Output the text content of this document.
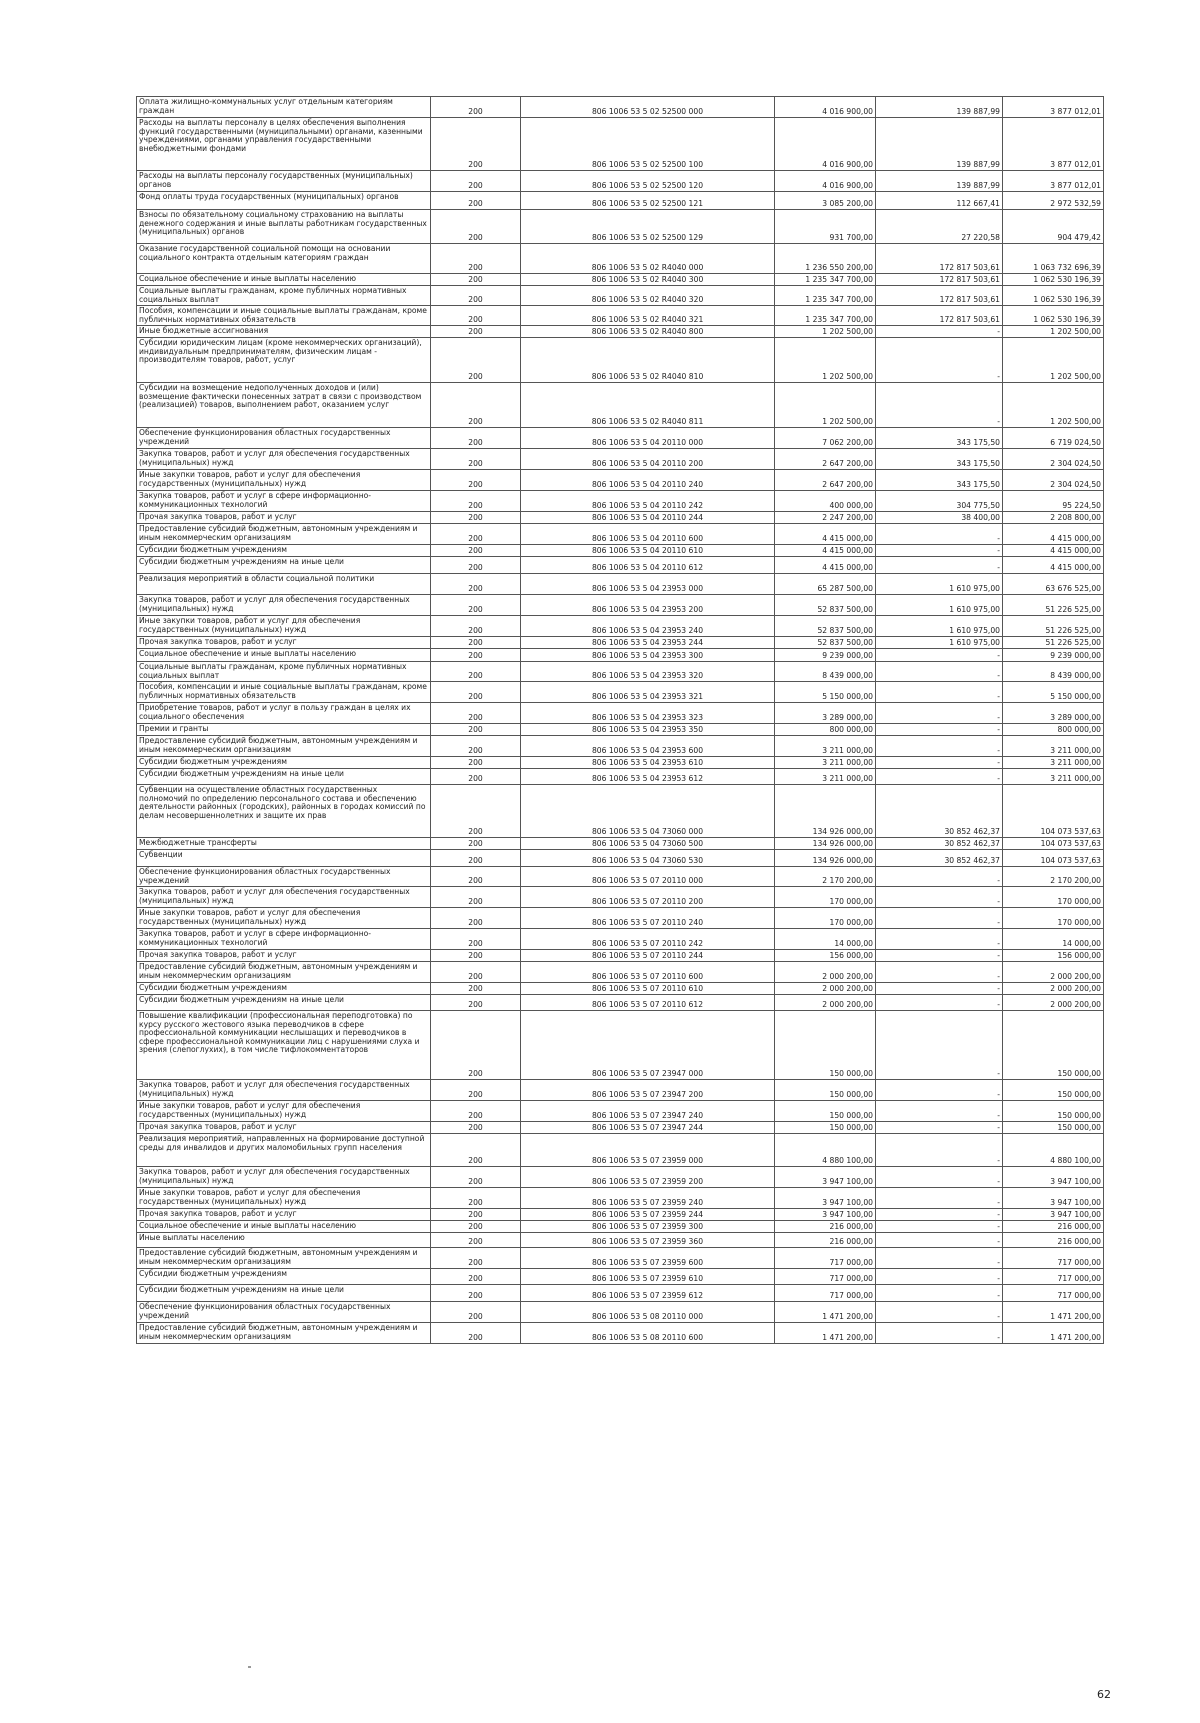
Оплата жилищно-коммунальных услуг отдельным категориям граждан	200	806 1006 53 5 02 52500 000	4 016 900,00	139 887,99	3 877 012,01
Расходы на выплаты персоналу в целях обеспечения выполнения функций государственными (муниципальными) органами, казенными учреждениями, органами управления государственными внебюджетными фондами	200	806 1006 53 5 02 52500 100	4 016 900,00	139 887,99	3 877 012,01
Расходы на выплаты персоналу государственных (муниципальных) органов	200	806 1006 53 5 02 52500 120	4 016 900,00	139 887,99	3 877 012,01
Фонд оплаты труда государственных (муниципальных) органов	200	806 1006 53 5 02 52500 121	3 085 200,00	112 667,41	2 972 532,59
Взносы по обязательному социальному страхованию на выплаты денежного содержания и иные выплаты работникам государственных (муниципальных) органов	200	806 1006 53 5 02 52500 129	931 700,00	27 220,58	904 479,42
Оказание государственной социальной помощи на основании социального контракта отдельным категориям граждан	200	806 1006 53 5 02 R4040 000	1 236 550 200,00	172 817 503,61	1 063 732 696,39
Социальное обеспечение и иные выплаты населению	200	806 1006 53 5 02 R4040 300	1 235 347 700,00	172 817 503,61	1 062 530 196,39
Социальные выплаты гражданам, кроме публичных нормативных социальных выплат	200	806 1006 53 5 02 R4040 320	1 235 347 700,00	172 817 503,61	1 062 530 196,39
Пособия, компенсации и иные социальные выплаты гражданам, кроме публичных нормативных обязательств	200	806 1006 53 5 02 R4040 321	1 235 347 700,00	172 817 503,61	1 062 530 196,39
Иные бюджетные ассигнования	200	806 1006 53 5 02 R4040 800	1 202 500,00	-	1 202 500,00
Субсидии юридическим лицам (кроме некоммерческих организаций), индивидуальным предпринимателям, физическим лицам - производителям товаров, работ, услуг	200	806 1006 53 5 02 R4040 810	1 202 500,00	-	1 202 500,00
Субсидии на возмещение недополученных доходов и (или) возмещение фактически понесенных затрат в связи с производством (реализацией) товаров, выполнением работ, оказанием услуг	200	806 1006 53 5 02 R4040 811	1 202 500,00	-	1 202 500,00
Обеспечение функционирования областных государственных учреждений	200	806 1006 53 5 04 20110 000	7 062 200,00	343 175,50	6 719 024,50
Закупка товаров, работ и услуг для обеспечения государственных (муниципальных) нужд	200	806 1006 53 5 04 20110 200	2 647 200,00	343 175,50	2 304 024,50
Иные закупки товаров, работ и услуг для обеспечения государственных (муниципальных) нужд	200	806 1006 53 5 04 20110 240	2 647 200,00	343 175,50	2 304 024,50
Закупка товаров, работ и услуг в сфере информационно-коммуникационных технологий	200	806 1006 53 5 04 20110 242	400 000,00	304 775,50	95 224,50
Прочая закупка товаров, работ и услуг	200	806 1006 53 5 04 20110 244	2 247 200,00	38 400,00	2 208 800,00
Предоставление субсидий бюджетным, автономным учреждениям и иным некоммерческим организациям	200	806 1006 53 5 04 20110 600	4 415 000,00	-	4 415 000,00
Субсидии бюджетным учреждениям	200	806 1006 53 5 04 20110 610	4 415 000,00	-	4 415 000,00
Субсидии бюджетным учреждениям на иные цели	200	806 1006 53 5 04 20110 612	4 415 000,00	-	4 415 000,00
Реализация мероприятий в области социальной политики	200	806 1006 53 5 04 23953 000	65 287 500,00	1 610 975,00	63 676 525,00
Закупка товаров, работ и услуг для обеспечения государственных (муниципальных) нужд	200	806 1006 53 5 04 23953 200	52 837 500,00	1 610 975,00	51 226 525,00
Иные закупки товаров, работ и услуг для обеспечения государственных (муниципальных) нужд	200	806 1006 53 5 04 23953 240	52 837 500,00	1 610 975,00	51 226 525,00
Прочая закупка товаров, работ и услуг	200	806 1006 53 5 04 23953 244	52 837 500,00	1 610 975,00	51 226 525,00
Социальное обеспечение и иные выплаты населению	200	806 1006 53 5 04 23953 300	9 239 000,00	-	9 239 000,00
Социальные выплаты гражданам, кроме публичных нормативных социальных выплат	200	806 1006 53 5 04 23953 320	8 439 000,00	-	8 439 000,00
Пособия, компенсации и иные социальные выплаты гражданам, кроме публичных нормативных обязательств	200	806 1006 53 5 04 23953 321	5 150 000,00	-	5 150 000,00
Приобретение товаров, работ и услуг в пользу граждан в целях их социального обеспечения	200	806 1006 53 5 04 23953 323	3 289 000,00	-	3 289 000,00
Премии и гранты	200	806 1006 53 5 04 23953 350	800 000,00	-	800 000,00
Предоставление субсидий бюджетным, автономным учреждениям и иным некоммерческим организациям	200	806 1006 53 5 04 23953 600	3 211 000,00	-	3 211 000,00
Субсидии бюджетным учреждениям	200	806 1006 53 5 04 23953 610	3 211 000,00	-	3 211 000,00
Субсидии бюджетным учреждениям на иные цели	200	806 1006 53 5 04 23953 612	3 211 000,00	-	3 211 000,00
Субвенции на осуществление областных государственных полномочий по определению персонального состава и обеспечению деятельности районных (городских), районных в городах комиссий по делам несовершеннолетних и защите их прав	200	806 1006 53 5 04 73060 000	134 926 000,00	30 852 462,37	104 073 537,63
Межбюджетные трансферты	200	806 1006 53 5 04 73060 500	134 926 000,00	30 852 462,37	104 073 537,63
Субвенции	200	806 1006 53 5 04 73060 530	134 926 000,00	30 852 462,37	104 073 537,63
Обеспечение функционирования областных государственных учреждений	200	806 1006 53 5 07 20110 000	2 170 200,00	-	2 170 200,00
Закупка товаров, работ и услуг для обеспечения государственных (муниципальных) нужд	200	806 1006 53 5 07 20110 200	170 000,00	-	170 000,00
Иные закупки товаров, работ и услуг для обеспечения государственных (муниципальных) нужд	200	806 1006 53 5 07 20110 240	170 000,00	-	170 000,00
Закупка товаров, работ и услуг в сфере информационно-коммуникационных технологий	200	806 1006 53 5 07 20110 242	14 000,00	-	14 000,00
Прочая закупка товаров, работ и услуг	200	806 1006 53 5 07 20110 244	156 000,00	-	156 000,00
Предоставление субсидий бюджетным, автономным учреждениям и иным некоммерческим организациям	200	806 1006 53 5 07 20110 600	2 000 200,00	-	2 000 200,00
Субсидии бюджетным учреждениям	200	806 1006 53 5 07 20110 610	2 000 200,00	-	2 000 200,00
Субсидии бюджетным учреждениям на иные цели	200	806 1006 53 5 07 20110 612	2 000 200,00	-	2 000 200,00
Повышение квалификации (профессиональная переподготовка) по курсу русского жестового языка переводчиков в сфере профессиональной коммуникации неслышащих и переводчиков в сфере профессиональной коммуникации лиц с нарушениями слуха и зрения (слепоглухих), в том числе тифлокомментаторов	200	806 1006 53 5 07 23947 000	150 000,00	-	150 000,00
Закупка товаров, работ и услуг для обеспечения государственных (муниципальных) нужд	200	806 1006 53 5 07 23947 200	150 000,00	-	150 000,00
Иные закупки товаров, работ и услуг для обеспечения государственных (муниципальных) нужд	200	806 1006 53 5 07 23947 240	150 000,00	-	150 000,00
Прочая закупка товаров, работ и услуг	200	806 1006 53 5 07 23947 244	150 000,00	-	150 000,00
Реализация мероприятий, направленных на формирование доступной среды для инвалидов и других маломобильных групп населения	200	806 1006 53 5 07 23959 000	4 880 100,00	-	4 880 100,00
Закупка товаров, работ и услуг для обеспечения государственных (муниципальных) нужд	200	806 1006 53 5 07 23959 200	3 947 100,00	-	3 947 100,00
Иные закупки товаров, работ и услуг для обеспечения государственных (муниципальных) нужд	200	806 1006 53 5 07 23959 240	3 947 100,00	-	3 947 100,00
Прочая закупка товаров, работ и услуг	200	806 1006 53 5 07 23959 244	3 947 100,00	-	3 947 100,00
Социальное обеспечение и иные выплаты населению	200	806 1006 53 5 07 23959 300	216 000,00	-	216 000,00
Иные выплаты населению	200	806 1006 53 5 07 23959 360	216 000,00	-	216 000,00
Предоставление субсидий бюджетным, автономным учреждениям и иным некоммерческим организациям	200	806 1006 53 5 07 23959 600	717 000,00	-	717 000,00
Субсидии бюджетным учреждениям	200	806 1006 53 5 07 23959 610	717 000,00	-	717 000,00
Субсидии бюджетным учреждениям на иные цели	200	806 1006 53 5 07 23959 612	717 000,00	-	717 000,00
Обеспечение функционирования областных государственных учреждений	200	806 1006 53 5 08 20110 000	1 471 200,00	-	1 471 200,00
Предоставление субсидий бюджетным, автономным учреждениям и иным некоммерческим организациям	200	806 1006 53 5 08 20110 600	1 471 200,00	-	1 471 200,00
62
